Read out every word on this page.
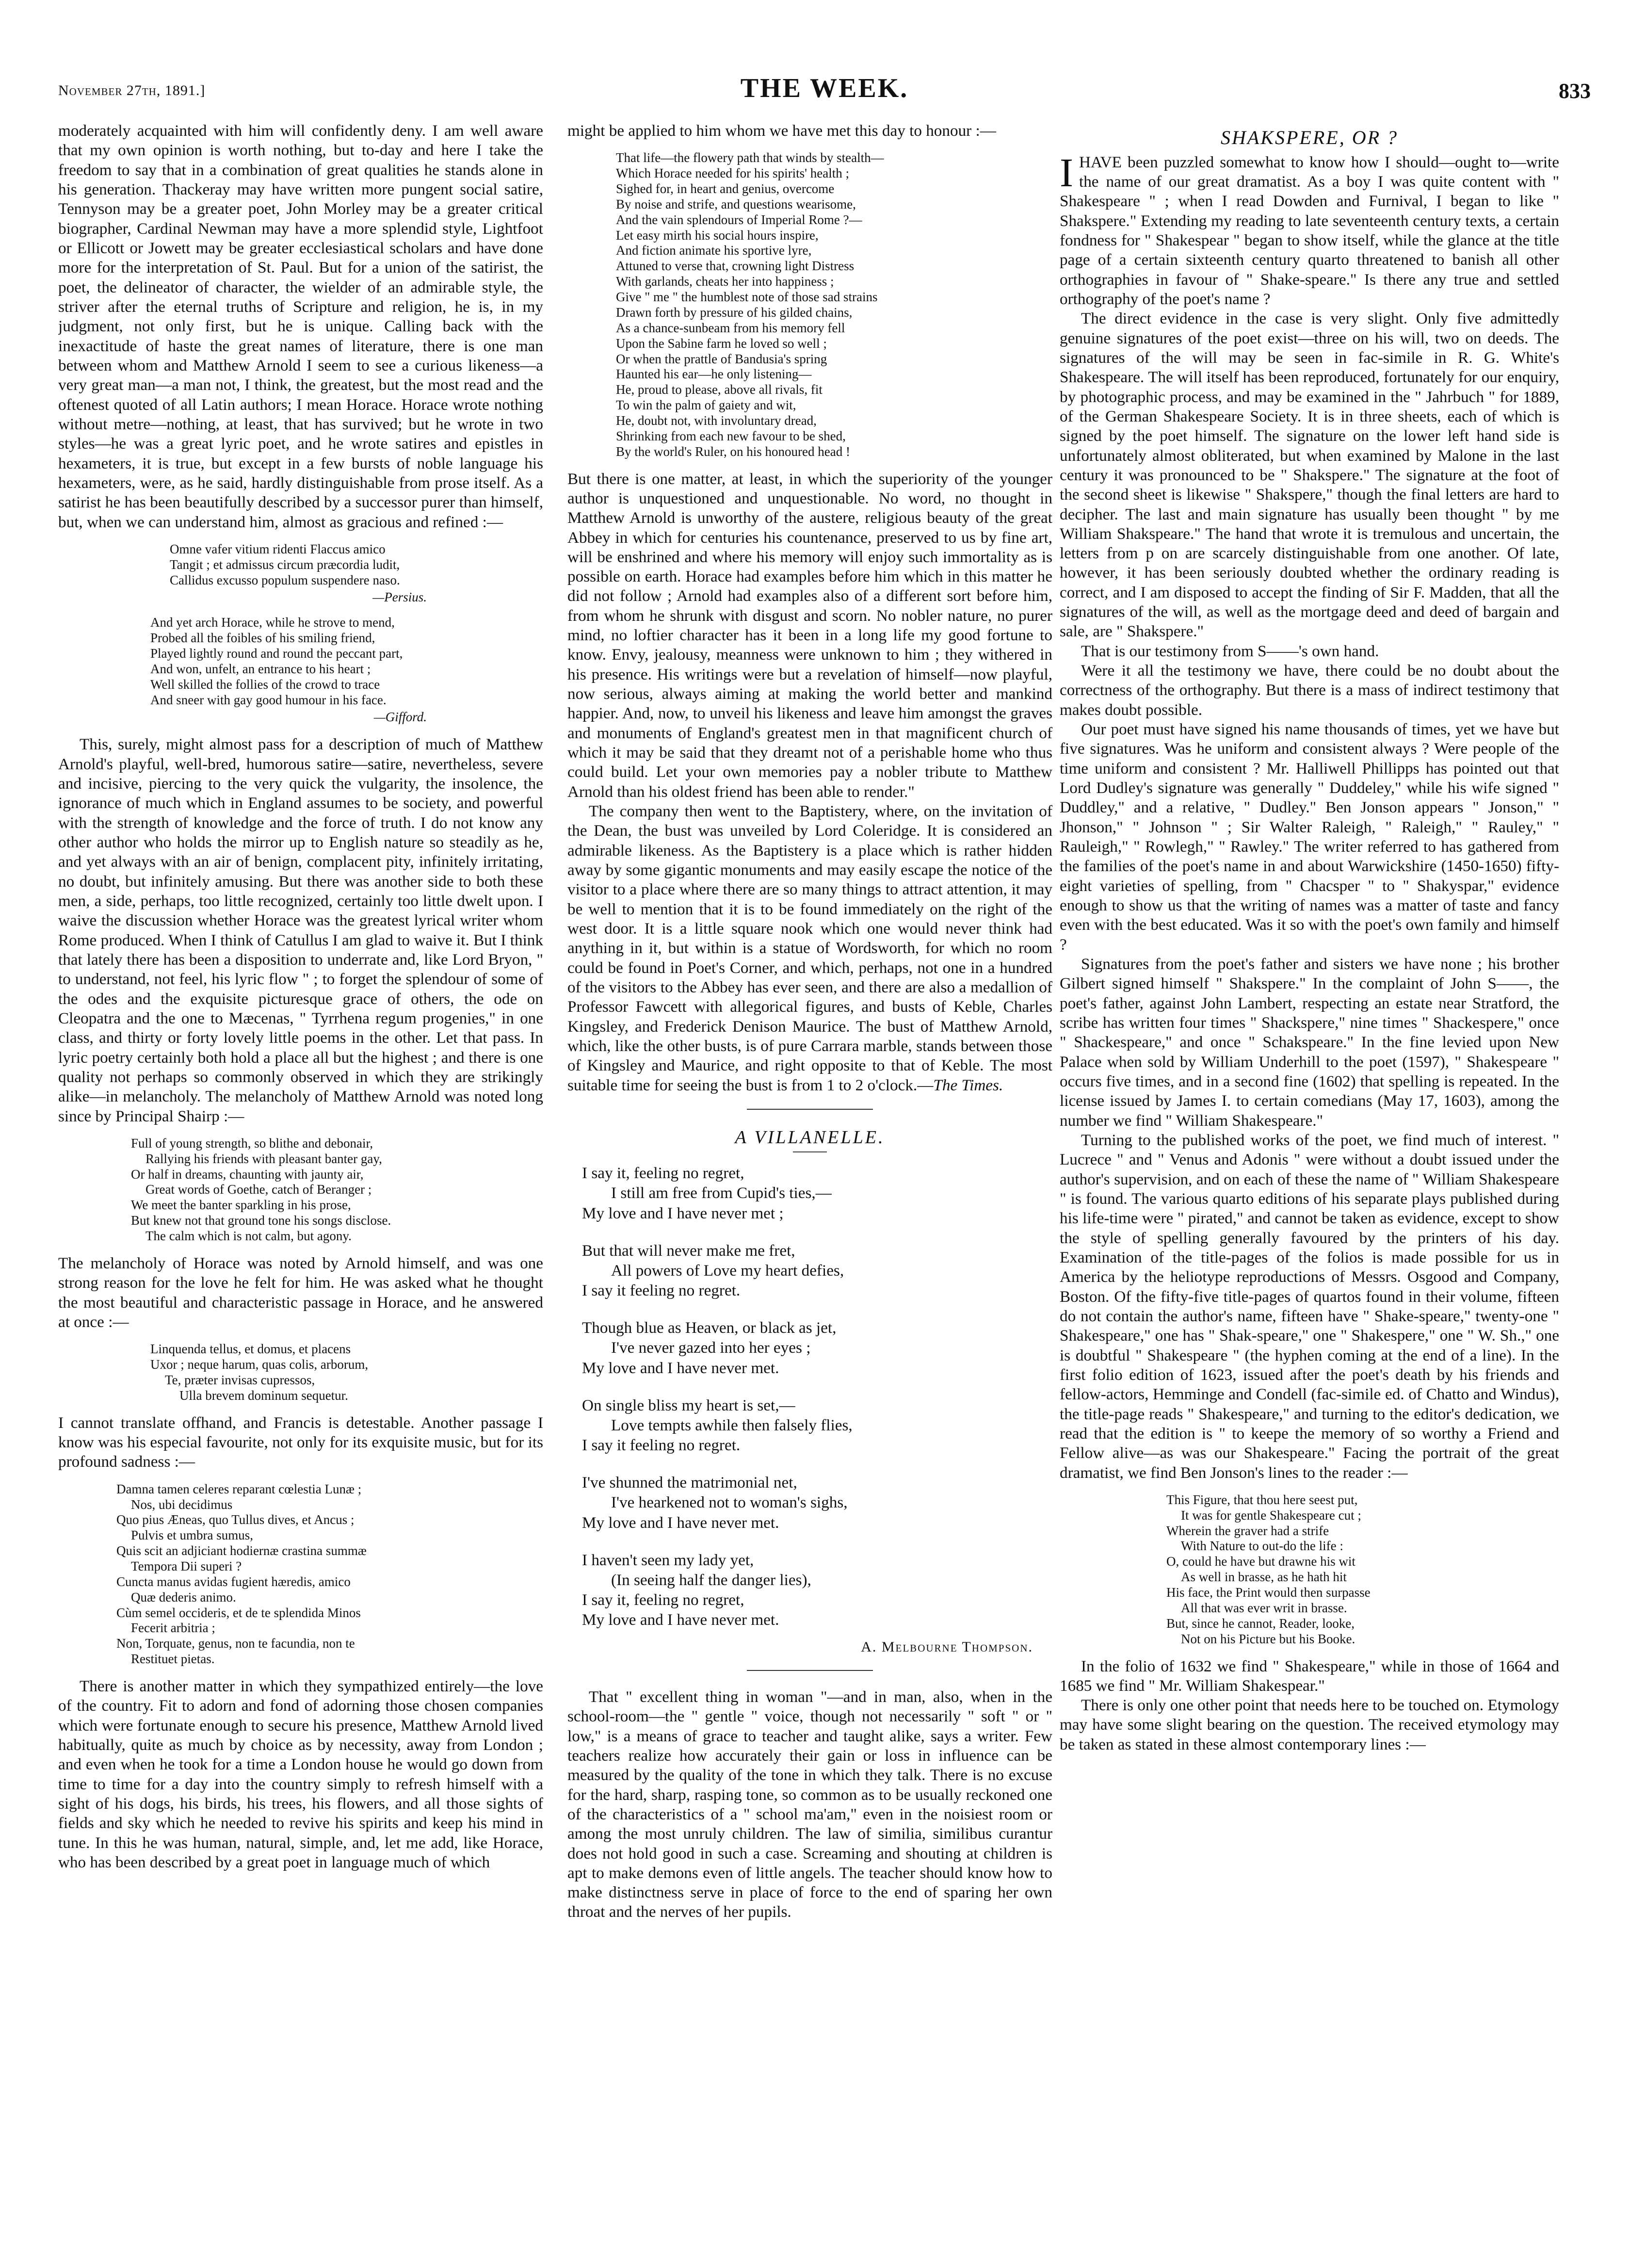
November 27th, 1891.]	THE WEEK.	833

moderately acquainted with him will confidently deny. I am well aware that my own opinion is worth nothing, but to-day and here I take the freedom to say that in a combination of great qualities he stands alone in his generation. Thackeray may have written more pungent social satire, Tennyson may be a greater poet, John Morley may be a greater critical biographer, Cardinal Newman may have a more splendid style, Lightfoot or Ellicott or Jowett may be greater ecclesiastical scholars and have done more for the interpretation of St. Paul. But for a union of the satirist, the poet, the delineator of character, the wielder of an admirable style, the striver after the eternal truths of Scripture and religion, he is, in my judgment, not only first, but he is unique. Calling back with the inexactitude of haste the great names of literature, there is one man between whom and Matthew Arnold I seem to see a curious likeness—a very great man—a man not, I think, the greatest, but the most read and the oftenest quoted of all Latin authors; I mean Horace. Horace wrote nothing without metre—nothing, at least, that has survived; but he wrote in two styles—he was a great lyric poet, and he wrote satires and epistles in hexameters, it is true, but except in a few bursts of noble language his hexameters, were, as he said, hardly distinguishable from prose itself. As a satirist he has been beautifully described by a successor purer than himself, but, when we can understand him, almost as gracious and refined :—

Omne vafer vitium ridenti Flaccus amico
Tangit ; et admissus circum præcordia ludit,
Callidus excusso populum suspendere naso.
—Persius.
And yet arch Horace, while he strove to mend,
Probed all the foibles of his smiling friend,
Played lightly round and round the peccant part,
And won, unfelt, an entrance to his heart ;
Well skilled the follies of the crowd to trace
And sneer with gay good humour in his face.
—Gifford.

This, surely, might almost pass for a description of much of Matthew Arnold's playful, well-bred, humorous satire—satire, nevertheless, severe and incisive, piercing to the very quick the vulgarity, the insolence, the ignorance of much which in England assumes to be society, and powerful with the strength of knowledge and the force of truth. I do not know any other author who holds the mirror up to English nature so steadily as he, and yet always with an air of benign, complacent pity, infinitely irritating, no doubt, but infinitely amusing. But there was another side to both these men, a side, perhaps, too little recognized, certainly too little dwelt upon. I waive the discussion whether Horace was the greatest lyrical writer whom Rome produced. When I think of Catullus I am glad to waive it. But I think that lately there has been a disposition to underrate and, like Lord Bryon, " to understand, not feel, his lyric flow " ; to forget the splendour of some of the odes and the exquisite picturesque grace of others, the ode on Cleopatra and the one to Mæcenas, " Tyrrhena regum progenies," in one class, and thirty or forty lovely little poems in the other. Let that pass. In lyric poetry certainly both hold a place all but the highest ; and there is one quality not perhaps so commonly observed in which they are strikingly alike—in melancholy. The melancholy of Matthew Arnold was noted long since by Principal Shairp :—

Full of young strength, so blithe and debonair,
Rallying his friends with pleasant banter gay,
Or half in dreams, chaunting with jaunty air,
Great words of Goethe, catch of Beranger ;
We meet the banter sparkling in his prose,
But knew not that ground tone his songs disclose.
The calm which is not calm, but agony.

The melancholy of Horace was noted by Arnold himself, and was one strong reason for the love he felt for him. He was asked what he thought the most beautiful and characteristic passage in Horace, and he answered at once :—

Linquenda tellus, et domus, et placens
Uxor ; neque harum, quas colis, arborum,
Te, præter invisas cupressos,
Ulla brevem dominum sequetur.

I cannot translate offhand, and Francis is detestable. Another passage I know was his especial favourite, not only for its exquisite music, but for its profound sadness :—

Damna tamen celeres reparant cœlestia Lunæ ;
Nos, ubi decidimus
Quo pius Æneas, quo Tullus dives, et Ancus ;
Pulvis et umbra sumus,
Quis scit an adjiciant hodiernæ crastina summæ
Tempora Dii superi ?
Cuncta manus avidas fugient hæredis, amico
Quæ dederis animo.
Cùm semel occideris, et de te splendida Minos
Fecerit arbitria ;
Non, Torquate, genus, non te facundia, non te
Restituet pietas.

There is another matter in which they sympathized entirely—the love of the country. Fit to adorn and fond of adorning those chosen companies which were fortunate enough to secure his presence, Matthew Arnold lived habitually, quite as much by choice as by necessity, away from London ; and even when he took for a time a London house he would go down from time to time for a day into the country simply to refresh himself with a sight of his dogs, his birds, his trees, his flowers, and all those sights of fields and sky which he needed to revive his spirits and keep his mind in tune. In this he was human, natural, simple, and, let me add, like Horace, who has been described by a great poet in language much of which

might be applied to him whom we have met this day to honour :—

That life—the flowery path that winds by stealth—
Which Horace needed for his spirits' health ;
Sighed for, in heart and genius, overcome
By noise and strife, and questions wearisome,
And the vain splendours of Imperial Rome ?—
Let easy mirth his social hours inspire,
And fiction animate his sportive lyre,
Attuned to verse that, crowning light Distress
With garlands, cheats her into happiness ;
Give " me " the humblest note of those sad strains
Drawn forth by pressure of his gilded chains,
As a chance-sunbeam from his memory fell
Upon the Sabine farm he loved so well ;
Or when the prattle of Bandusia's spring
Haunted his ear—he only listening—
He, proud to please, above all rivals, fit
To win the palm of gaiety and wit,
He, doubt not, with involuntary dread,
Shrinking from each new favour to be shed,
By the world's Ruler, on his honoured head !

But there is one matter, at least, in which the superiority of the younger author is unquestioned and unquestionable. No word, no thought in Matthew Arnold is unworthy of the austere, religious beauty of the great Abbey in which for centuries his countenance, preserved to us by fine art, will be enshrined and where his memory will enjoy such immortality as is possible on earth. Horace had examples before him which in this matter he did not follow ; Arnold had examples also of a different sort before him, from whom he shrunk with disgust and scorn. No nobler nature, no purer mind, no loftier character has it been in a long life my good fortune to know. Envy, jealousy, meanness were unknown to him ; they withered in his presence. His writings were but a revelation of himself—now playful, now serious, always aiming at making the world better and mankind happier. And, now, to unveil his likeness and leave him amongst the graves and monuments of England's greatest men in that magnificent church of which it may be said that they dreamt not of a perishable home who thus could build. Let your own memories pay a nobler tribute to Matthew Arnold than his oldest friend has been able to render."

The company then went to the Baptistery, where, on the invitation of the Dean, the bust was unveiled by Lord Coleridge. It is considered an admirable likeness. As the Baptistery is a place which is rather hidden away by some gigantic monuments and may easily escape the notice of the visitor to a place where there are so many things to attract attention, it may be well to mention that it is to be found immediately on the right of the west door. It is a little square nook which one would never think had anything in it, but within is a statue of Wordsworth, for which no room could be found in Poet's Corner, and which, perhaps, not one in a hundred of the visitors to the Abbey has ever seen, and there are also a medallion of Professor Fawcett with allegorical figures, and busts of Keble, Charles Kingsley, and Frederick Denison Maurice. The bust of Matthew Arnold, which, like the other busts, is of pure Carrara marble, stands between those of Kingsley and Maurice, and right opposite to that of Keble. The most suitable time for seeing the bust is from 1 to 2 o'clock.—The Times.

A VILLANELLE.
I say it, feeling no regret,
I still am free from Cupid's ties,—
My love and I have never met ;
But that will never make me fret,
All powers of Love my heart defies,
I say it feeling no regret.
Though blue as Heaven, or black as jet,
I've never gazed into her eyes ;
My love and I have never met.
On single bliss my heart is set,—
Love tempts awhile then falsely flies,
I say it feeling no regret.
I've shunned the matrimonial net,
I've hearkened not to woman's sighs,
My love and I have never met.
I haven't seen my lady yet,
(In seeing half the danger lies),
I say it, feeling no regret,
My love and I have never met.
A. Melbourne Thompson.

That " excellent thing in woman "—and in man, also, when in the school-room—the " gentle " voice, though not necessarily " soft " or " low," is a means of grace to teacher and taught alike, says a writer. Few teachers realize how accurately their gain or loss in influence can be measured by the quality of the tone in which they talk. There is no excuse for the hard, sharp, rasping tone, so common as to be usually reckoned one of the characteristics of a " school ma'am," even in the noisiest room or among the most unruly children. The law of similia, similibus curantur does not hold good in such a case. Screaming and shouting at children is apt to make demons even of little angels. The teacher should know how to make distinctness serve in place of force to the end of sparing her own throat and the nerves of her pupils.

SHAKSPERE, OR ?

IHAVE been puzzled somewhat to know how I should—ought to—write the name of our great dramatist. As a boy I was quite content with " Shakespeare " ; when I read Dowden and Furnival, I began to like " Shakspere." Extending my reading to late seventeenth century texts, a certain fondness for " Shakespear " began to show itself, while the glance at the title page of a certain sixteenth century quarto threatened to banish all other orthographies in favour of " Shake-speare." Is there any true and settled orthography of the poet's name ?

The direct evidence in the case is very slight. Only five admittedly genuine signatures of the poet exist—three on his will, two on deeds. The signatures of the will may be seen in fac-simile in R. G. White's Shakespeare. The will itself has been reproduced, fortunately for our enquiry, by photographic process, and may be examined in the " Jahrbuch " for 1889, of the German Shakespeare Society. It is in three sheets, each of which is signed by the poet himself. The signature on the lower left hand side is unfortunately almost obliterated, but when examined by Malone in the last century it was pronounced to be " Shakspere." The signature at the foot of the second sheet is likewise " Shakspere," though the final letters are hard to decipher. The last and main signature has usually been thought " by me William Shakspeare." The hand that wrote it is tremulous and uncertain, the letters from p on are scarcely distinguishable from one another. Of late, however, it has been seriously doubted whether the ordinary reading is correct, and I am disposed to accept the finding of Sir F. Madden, that all the signatures of the will, as well as the mortgage deed and deed of bargain and sale, are " Shakspere."

That is our testimony from S——'s own hand.

Were it all the testimony we have, there could be no doubt about the correctness of the orthography. But there is a mass of indirect testimony that makes doubt possible.

Our poet must have signed his name thousands of times, yet we have but five signatures. Was he uniform and consistent always ? Were people of the time uniform and consistent ? Mr. Halliwell Phillipps has pointed out that Lord Dudley's signature was generally " Duddeley," while his wife signed " Duddley," and a relative, " Dudley." Ben Jonson appears " Jonson," " Jhonson," " Johnson " ; Sir Walter Raleigh, " Raleigh," " Rauley," " Rauleigh," " Rowlegh," " Rawley." The writer referred to has gathered from the families of the poet's name in and about Warwickshire (1450-1650) fifty-eight varieties of spelling, from " Chacsper " to " Shakyspar," evidence enough to show us that the writing of names was a matter of taste and fancy even with the best educated. Was it so with the poet's own family and himself ?

Signatures from the poet's father and sisters we have none ; his brother Gilbert signed himself " Shakspere." In the complaint of John S——, the poet's father, against John Lambert, respecting an estate near Stratford, the scribe has written four times " Shackspere," nine times " Shackespere," once " Shackespeare," and once " Schakspeare." In the fine levied upon New Palace when sold by William Underhill to the poet (1597), " Shakespeare " occurs five times, and in a second fine (1602) that spelling is repeated. In the license issued by James I. to certain comedians (May 17, 1603), among the number we find " William Shakespeare."

Turning to the published works of the poet, we find much of interest. " Lucrece " and " Venus and Adonis " were without a doubt issued under the author's supervision, and on each of these the name of " William Shakespeare " is found. The various quarto editions of his separate plays published during his life-time were " pirated," and cannot be taken as evidence, except to show the style of spelling generally favoured by the printers of his day. Examination of the title-pages of the folios is made possible for us in America by the heliotype reproductions of Messrs. Osgood and Company, Boston. Of the fifty-five title-pages of quartos found in their volume, fifteen do not contain the author's name, fifteen have " Shake-speare," twenty-one " Shakespeare," one has " Shak-speare," one " Shakespere," one " W. Sh.," one is doubtful " Shakespeare " (the hyphen coming at the end of a line). In the first folio edition of 1623, issued after the poet's death by his friends and fellow-actors, Hemminge and Condell (fac-simile ed. of Chatto and Windus), the title-page reads " Shakespeare," and turning to the editor's dedication, we read that the edition is " to keepe the memory of so worthy a Friend and Fellow alive—as was our Shakespeare." Facing the portrait of the great dramatist, we find Ben Jonson's lines to the reader :—

This Figure, that thou here seest put,
It was for gentle Shakespeare cut ;
Wherein the graver had a strife
With Nature to out-do the life :
O, could he have but drawne his wit
As well in brasse, as he hath hit
His face, the Print would then surpasse
All that was ever writ in brasse.
But, since he cannot, Reader, looke,
Not on his Picture but his Booke.

In the folio of 1632 we find " Shakespeare," while in those of 1664 and 1685 we find " Mr. William Shakespear."

There is only one other point that needs here to be touched on. Etymology may have some slight bearing on the question. The received etymology may be taken as stated in these almost contemporary lines :—
